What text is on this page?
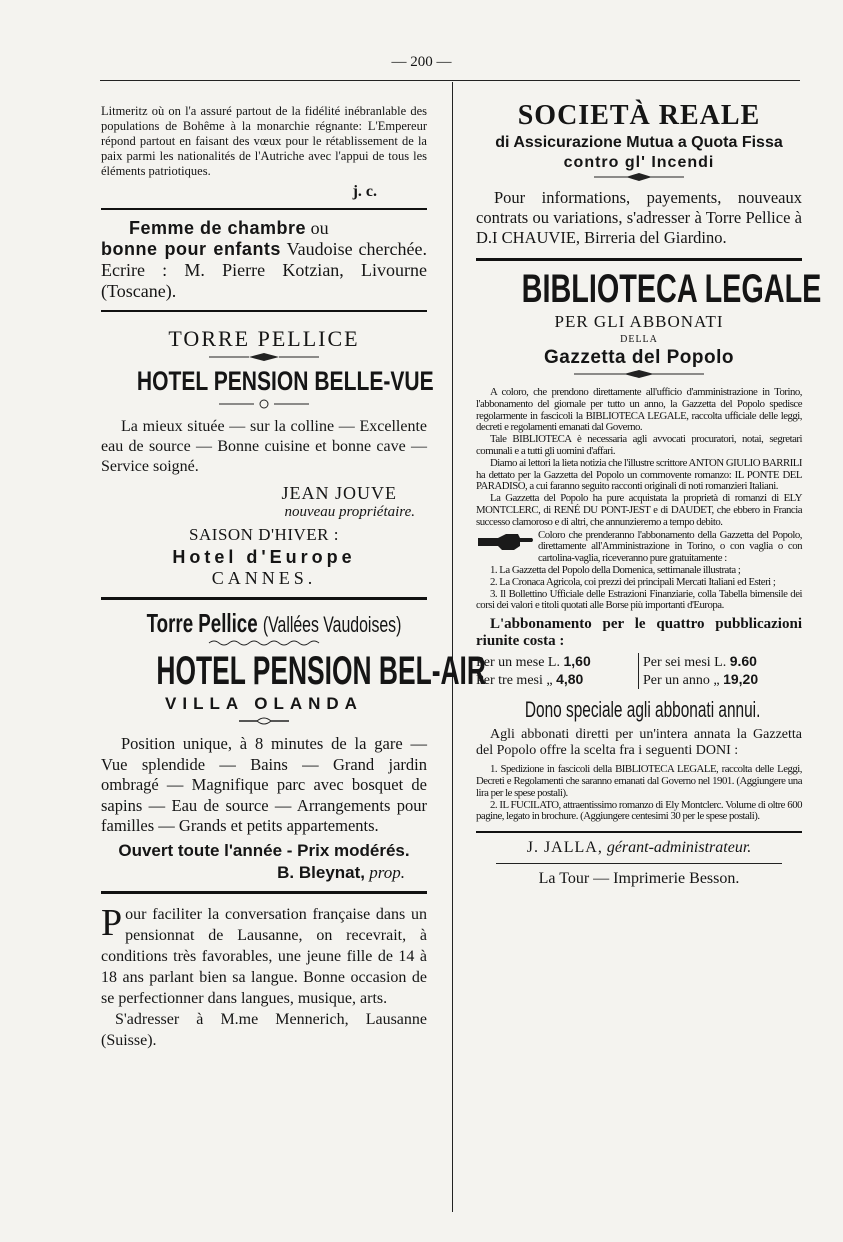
— 200 —

Litmeritz où on l'a assuré partout de la fidélité inébranlable des populations de Bohême à la monarchie régnante: L'Empereur répond partout en faisant des vœux pour le rétablissement de la paix parmi les nationalités de l'Autriche avec l'appui de tous les éléments patriotiques.

j. c.

Femme de chambre ou
bonne pour enfants Vaudoise cherchée. Ecrire : M. Pierre Kotzian, Livourne (Toscane).

TORRE PELLICE

HOTEL PENSION BELLE-VUE

La mieux située — sur la colline — Excellente eau de source — Bonne cuisine et bonne cave — Service soigné.

JEAN JOUVE

nouveau propriétaire.

SAISON D'HIVER :

Hotel d'Europe

CANNES.

Torre Pellice (Vallées Vaudoises)

HOTEL PENSION BEL-AIR

VILLA OLANDA

Position unique, à 8 minutes de la gare — Vue splendide — Bains — Grand jardin ombragé — Magnifique parc avec bosquet de sapins — Eau de source — Arrangements pour familles — Grands et petits appartements.

Ouvert toute l'année - Prix modérés.

B. Bleynat, prop.

P our faciliter la conversation française dans un pensionnat de Lausanne, on recevrait, à conditions très favorables, une jeune fille de 14 à 18 ans parlant bien sa langue. Bonne occasion de se perfectionner dans langues, musique, arts.

S'adresser à M.me Mennerich, Lausanne (Suisse).

SOCIETÀ REALE

di Assicurazione Mutua a Quota Fissa

contro gl' Incendi

Pour informations, payements, nouveaux contrats ou variations, s'adresser à Torre Pellice à D.I CHAUVIE, Birreria del Giardino.

BIBLIOTECA LEGALE

PER GLI ABBONATI

DELLA

Gazzetta del Popolo

A coloro, che prendono direttamente all'ufficio d'amministrazione in Torino, l'abbonamento del giornale per tutto un anno, la Gazzetta del Popolo spedisce regolarmente in fascicoli la BIBLIOTECA LEGALE, raccolta ufficiale delle leggi, decreti e regolamenti emanati dal Governo.

Tale BIBLIOTECA è necessaria agli avvocati procuratori, notai, segretari comunali e a tutti gli uomini d'affari.

Diamo ai lettori la lieta notizia che l'illustre scrittore ANTON GIULIO BARRILI ha dettato per la Gazzetta del Popolo un commovente romanzo: IL PONTE DEL PARADISO, a cui faranno seguito racconti originali di noti romanzieri Italiani.

La Gazzetta del Popolo ha pure acquistata la proprietà di romanzi di ELY MONTCLERC, di RENÉ DU PONT-JEST e di DAUDET, che ebbero in Francia successo clamoroso e di altri, che annunzieremo a tempo debito.

Coloro che prenderanno l'abbonamento della Gazzetta del Popolo, direttamente all'Amministrazione in Torino, o con vaglia o con cartolina-vaglia, riceveranno pure gratuitamente :

1. La Gazzetta del Popolo della Domenica, settimanale illustrata ;

2. La Cronaca Agricola, coi prezzi dei principali Mercati Italiani ed Esteri ;

3. Il Bollettino Ufficiale delle Estrazioni Finanziarie, colla Tabella bimensile dei corsi dei valori e titoli quotati alle Borse più importanti d'Europa.

L'abbonamento per le quattro pubblicazioni riunite costa :

Per un mese L. 1,60	Per sei mesi L. 9.60
Per tre mesi „ 4,80	Per un anno „ 19,20

Dono speciale agli abbonati annui.

Agli abbonati diretti per un'intera annata la Gazzetta del Popolo offre la scelta fra i seguenti DONI :

1. Spedizione in fascicoli della BIBLIOTECA LEGALE, raccolta delle Leggi, Decreti e Regolamenti che saranno emanati dal Governo nel 1901. (Aggiungere una lira per le spese postali).

2. IL FUCILATO, attraentissimo romanzo di Ely Montclerc. Volume di oltre 600 pagine, legato in brochure. (Aggiungere centesimi 30 per le spese postali).

J. JALLA, gérant-administrateur.

La Tour — Imprimerie Besson.
